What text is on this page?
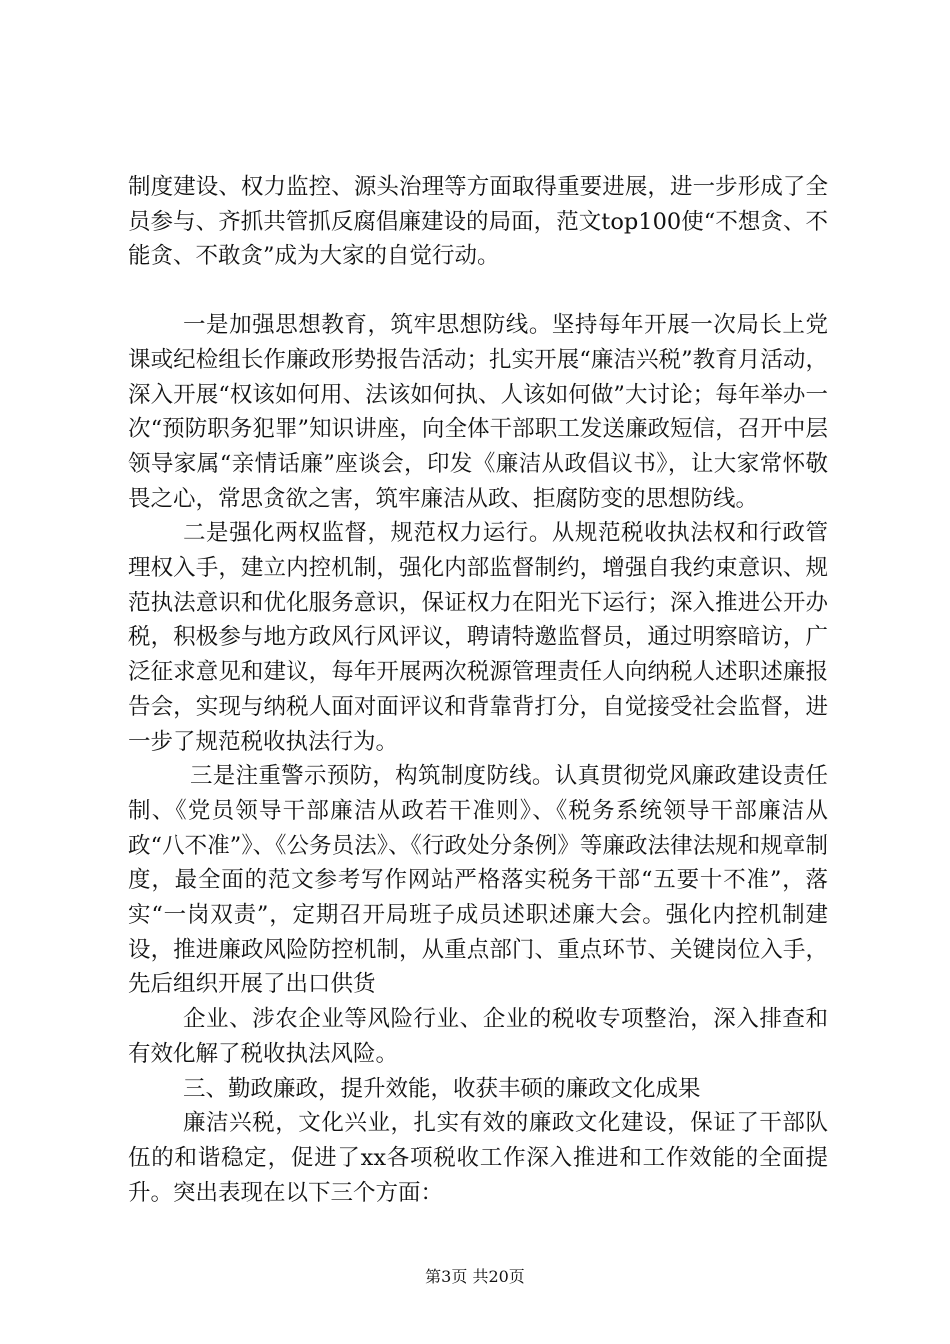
制度建设、权力监控、源头治理等方面取得重要进展，进一步形成了全员参与、齐抓共管抓反腐倡廉建设的局面，范文top100使“不想贪、不能贪、不敢贪”成为大家的自觉行动。

一是加强思想教育，筑牢思想防线。坚持每年开展一次局长上党课或纪检组长作廉政形势报告活动；扎实开展“廉洁兴税”教育月活动，深入开展“权该如何用、法该如何执、人该如何做”大讨论；每年举办一次“预防职务犯罪”知识讲座，向全体干部职工发送廉政短信，召开中层领导家属“亲情话廉”座谈会，印发《廉洁从政倡议书》，让大家常怀敬畏之心，常思贪欲之害，筑牢廉洁从政、拒腐防变的思想防线。

二是强化两权监督，规范权力运行。从规范税收执法权和行政管理权入手，建立内控机制，强化内部监督制约，增强自我约束意识、规范执法意识和优化服务意识，保证权力在阳光下运行；深入推进公开办税，积极参与地方政风行风评议，聘请特邀监督员，通过明察暗访，广泛征求意见和建议，每年开展两次税源管理责任人向纳税人述职述廉报告会，实现与纳税人面对面评议和背靠背打分，自觉接受社会监督，进一步了规范税收执法行为。

三是注重警示预防，构筑制度防线。认真贯彻党风廉政建设责任制、《党员领导干部廉洁从政若干准则》、《税务系统领导干部廉洁从政“八不准”》、《公务员法》、《行政处分条例》等廉政法律法规和规章制度，最全面的范文参考写作网站严格落实税务干部“五要十不准”，落实“一岗双责”，定期召开局班子成员述职述廉大会。强化内控机制建设，推进廉政风险防控机制，从重点部门、重点环节、关键岗位入手，先后组织开展了出口供货

企业、涉农企业等风险行业、企业的税收专项整治，深入排查和有效化解了税收执法风险。

三、勤政廉政，提升效能，收获丰硕的廉政文化成果

廉洁兴税，文化兴业，扎实有效的廉政文化建设，保证了干部队伍的和谐稳定，促进了xx各项税收工作深入推进和工作效能的全面提升。突出表现在以下三个方面：

第3页 共20页
